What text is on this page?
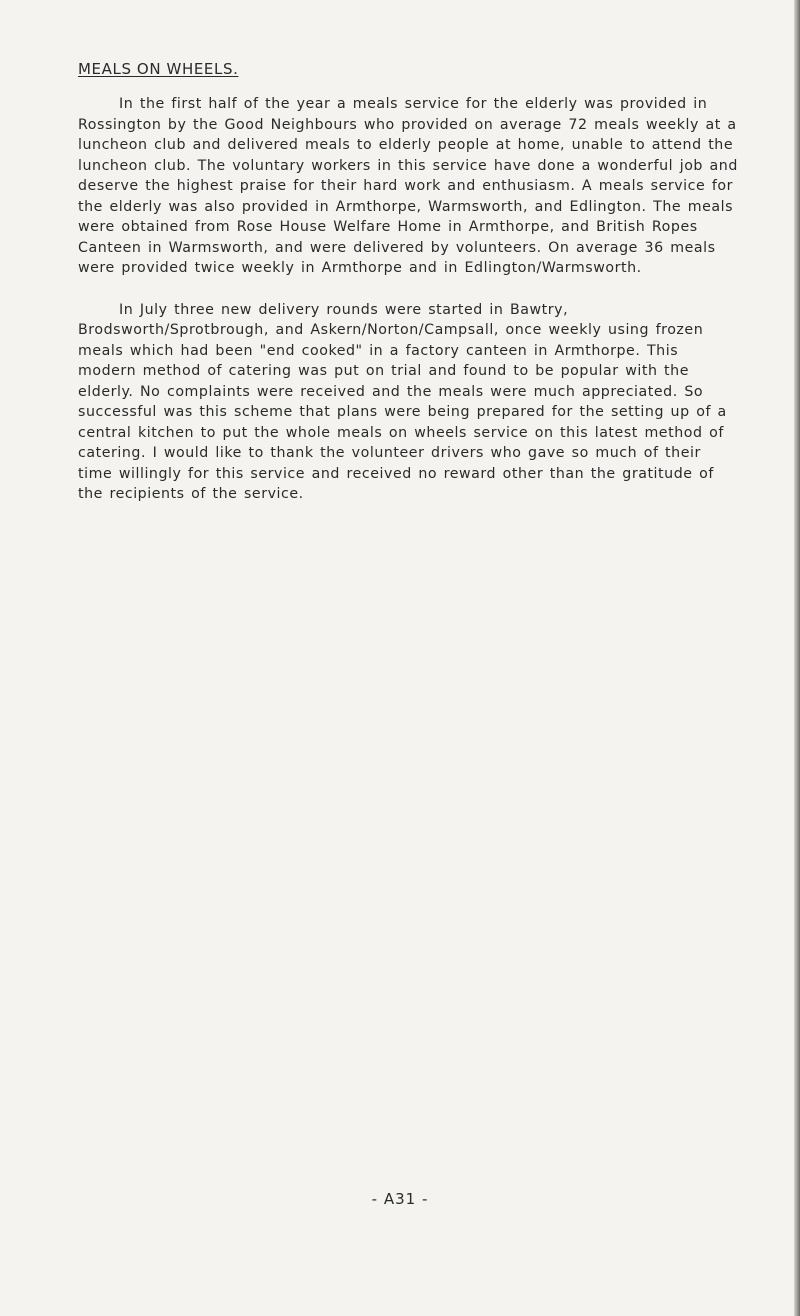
MEALS ON WHEELS.

In the first half of the year a meals service for the elderly was provided in Rossington by the Good Neighbours who provided on average 72 meals weekly at a luncheon club and delivered meals to elderly people at home, unable to attend the luncheon club. The voluntary workers in this service have done a wonderful job and deserve the highest praise for their hard work and enthusiasm. A meals service for the elderly was also provided in Armthorpe, Warmsworth, and Edlington. The meals were obtained from Rose House Welfare Home in Armthorpe, and British Ropes Canteen in Warmsworth, and were delivered by volunteers. On average 36 meals were provided twice weekly in Armthorpe and in Edlington/Warmsworth.

In July three new delivery rounds were started in Bawtry, Brodsworth/Sprotbrough, and Askern/Norton/Campsall, once weekly using frozen meals which had been "end cooked" in a factory canteen in Armthorpe. This modern method of catering was put on trial and found to be popular with the elderly. No complaints were received and the meals were much appreciated. So successful was this scheme that plans were being prepared for the setting up of a central kitchen to put the whole meals on wheels service on this latest method of catering. I would like to thank the volunteer drivers who gave so much of their time willingly for this service and received no reward other than the gratitude of the recipients of the service.

- A31 -
